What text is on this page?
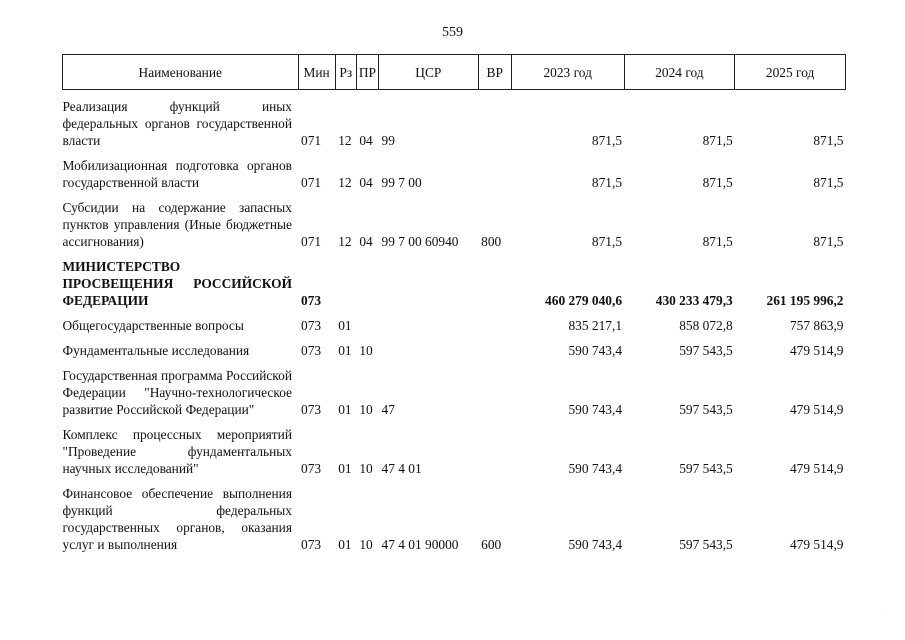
559
Наименование	Мин	Рз	ПР	ЦСР	ВР	2023 год	2024 год	2025 год

Реализация функций иных федеральных органов государственной власти	071	12	04	99		871,5	871,5	871,5
Мобилизационная подготовка органов государственной власти	071	12	04	99 7 00		871,5	871,5	871,5
Субсидии на содержание запасных пунктов управления (Иные бюджетные ассигнования)	071	12	04	99 7 00 60940	800	871,5	871,5	871,5
МИНИСТЕРСТВО ПРОСВЕЩЕНИЯ РОССИЙСКОЙ ФЕДЕРАЦИИ	073					460 279 040,6	430 233 479,3	261 195 996,2
Общегосударственные вопросы	073	01				835 217,1	858 072,8	757 863,9
Фундаментальные исследования	073	01	10			590 743,4	597 543,5	479 514,9
Государственная программа Российской Федерации "Научно-технологическое развитие Российской Федерации"	073	01	10	47		590 743,4	597 543,5	479 514,9
Комплекс процессных мероприятий "Проведение фундаментальных научных исследований"	073	01	10	47 4 01		590 743,4	597 543,5	479 514,9
Финансовое обеспечение выполнения функций федеральных государственных органов, оказания услуг и выполнения	073	01	10	47 4 01 90000	600	590 743,4	597 543,5	479 514,9
·
